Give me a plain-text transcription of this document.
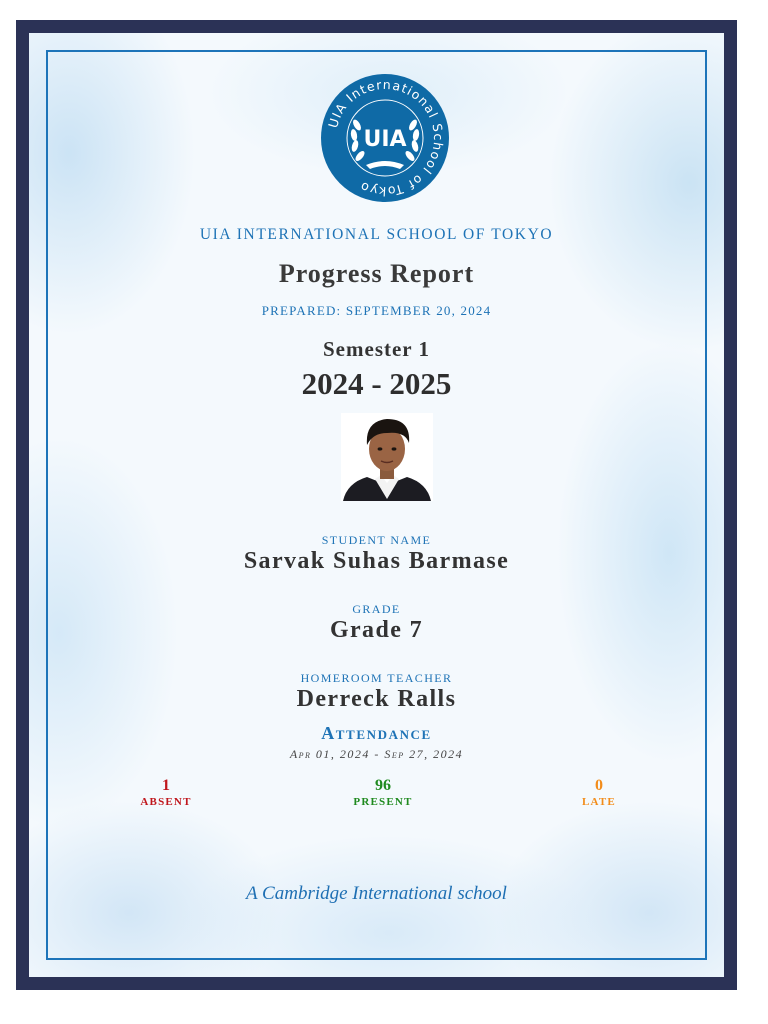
UIA International School of Tokyo
UIA
UIA INTERNATIONAL SCHOOL OF TOKYO
Progress Report
PREPARED: SEPTEMBER 20, 2024
Semester 1
2024 - 2025
STUDENT NAME
Sarvak Suhas Barmase
GRADE
Grade 7
HOMEROOM TEACHER
Derreck Ralls
Attendance
Apr 01, 2024 - Sep 27, 2024
1
ABSENT
96
PRESENT
0
LATE
A Cambridge International school
